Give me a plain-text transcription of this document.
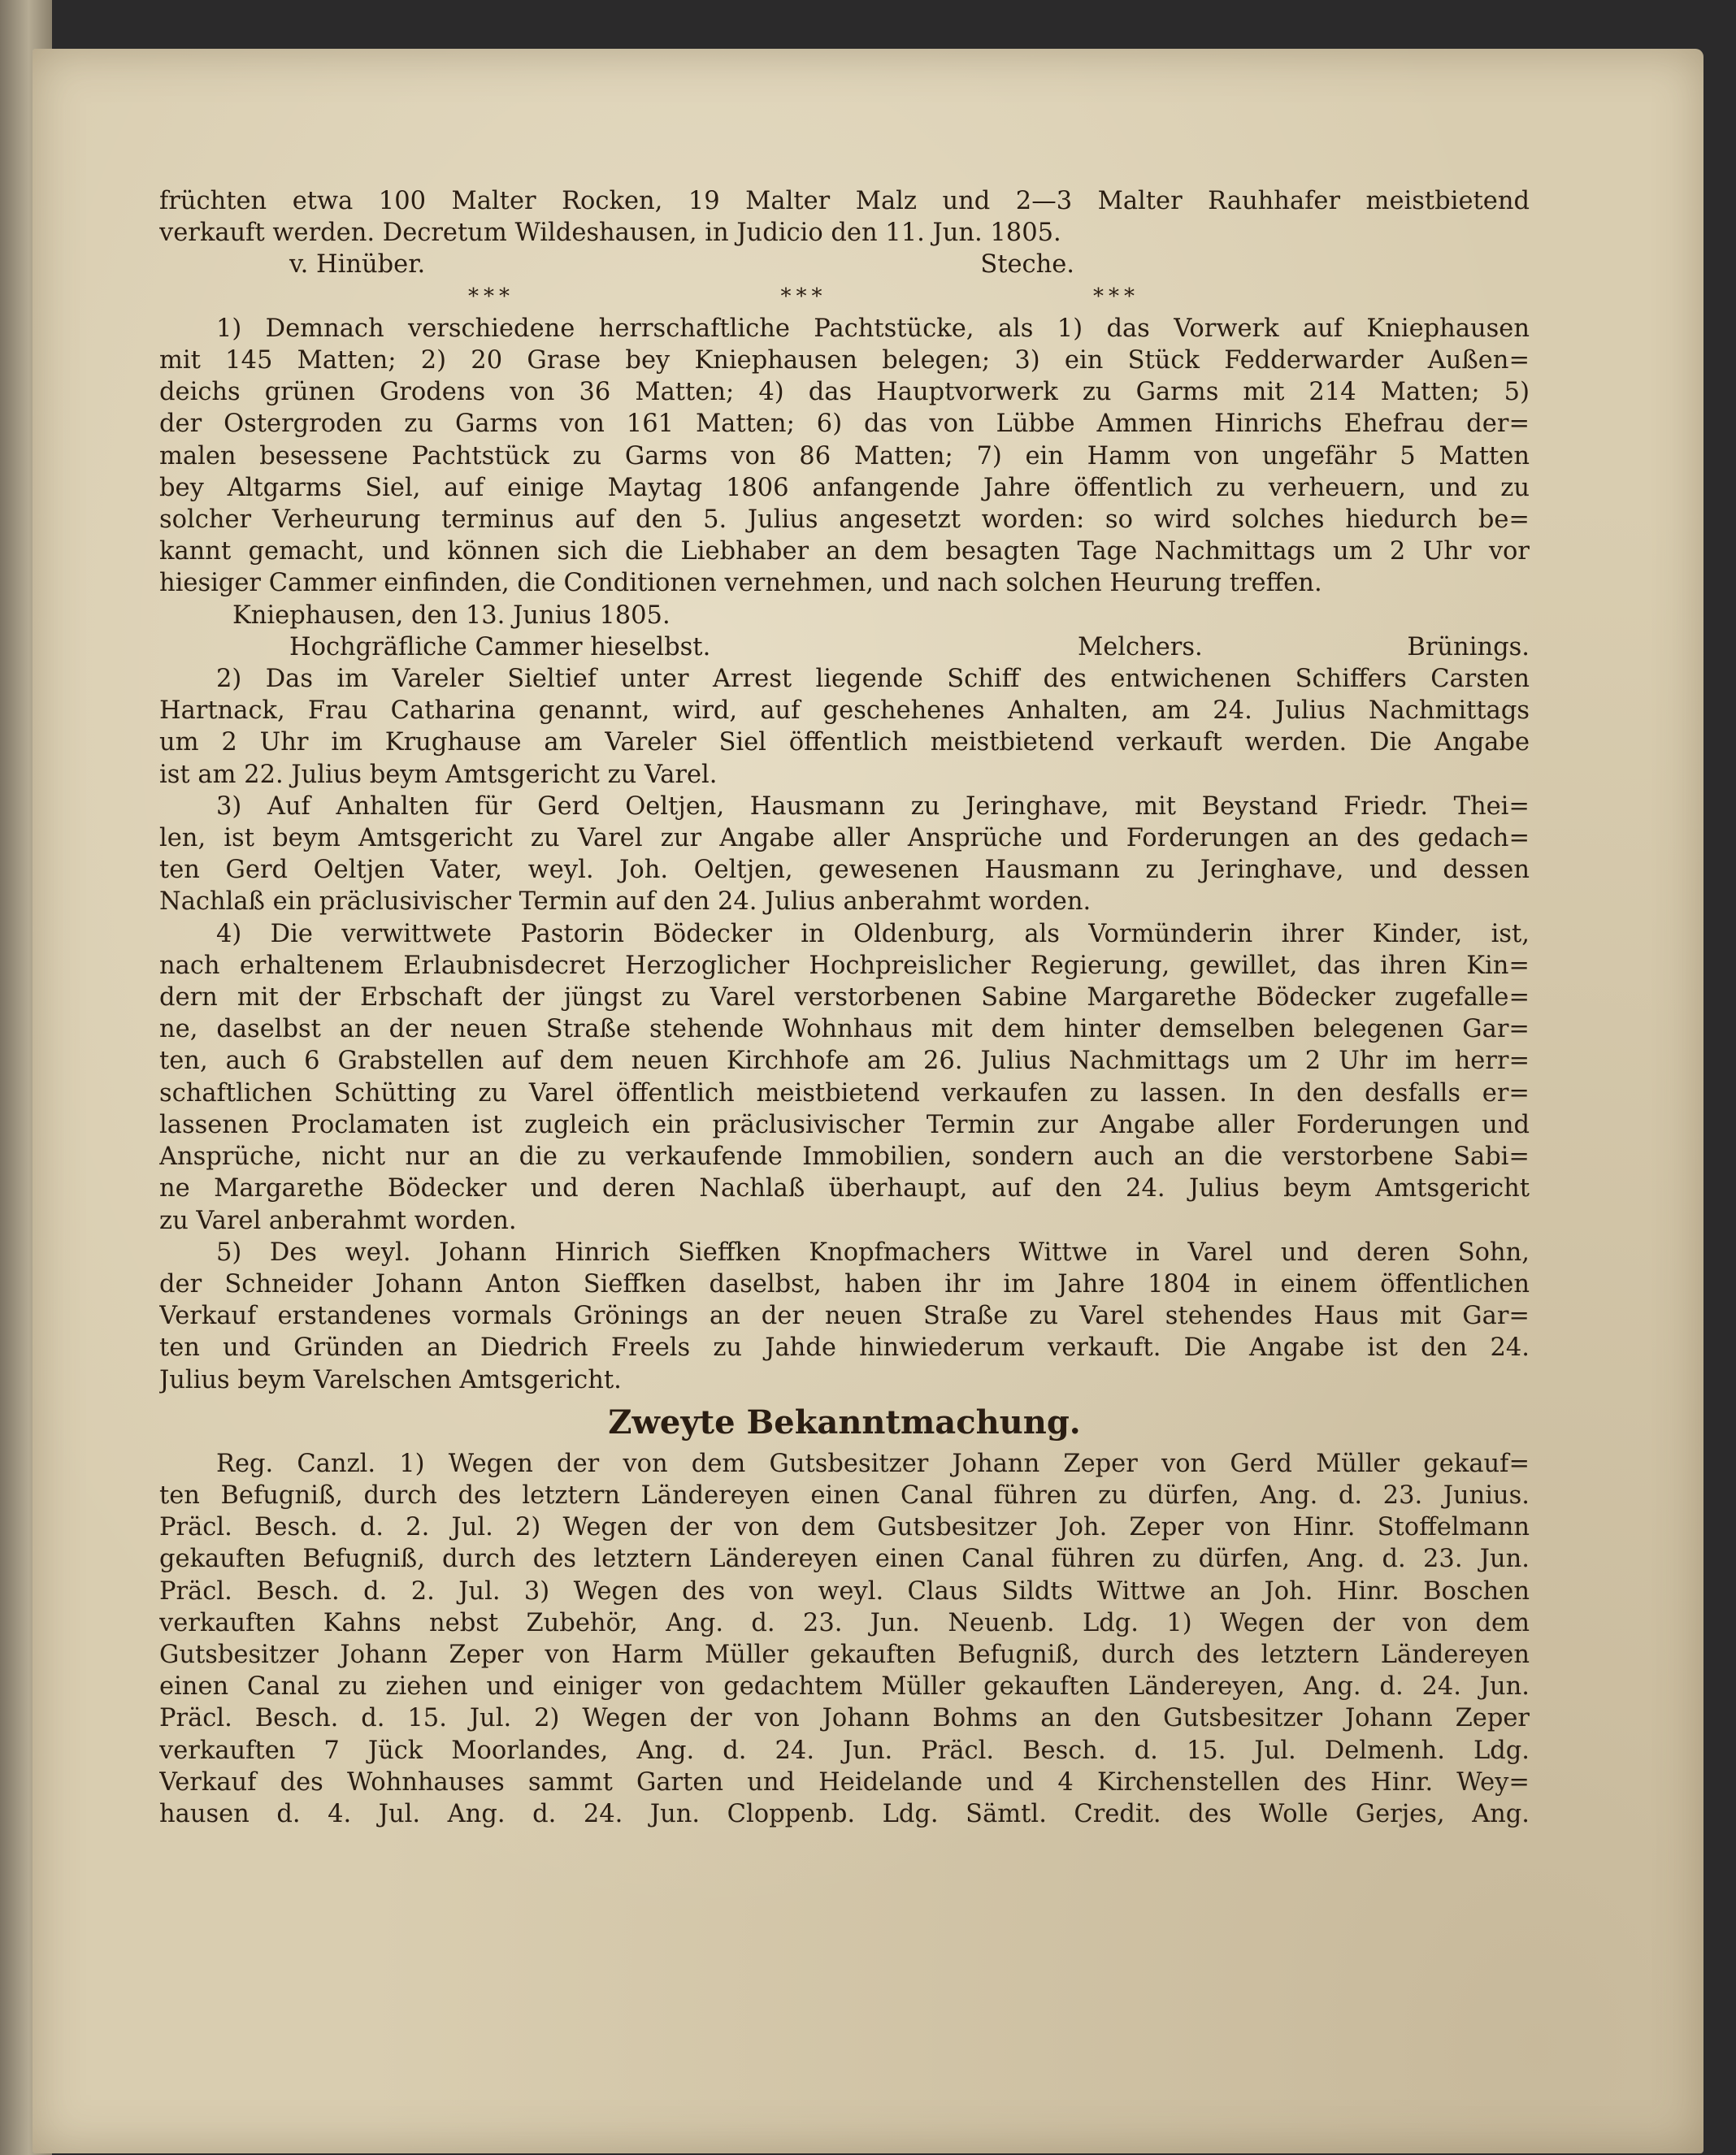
früchten etwa 100 Malter Rocken, 19 Malter Malz und 2—3 Malter Rauhhafer meistbietend
verkauft werden. Decretum Wildeshausen, in Judicio den 11. Jun. 1805.
v. Hinüber.	Steche.
***	***	***
1) Demnach verschiedene herrschaftliche Pachtstücke, als 1) das Vorwerk auf Kniephausen
mit 145 Matten; 2) 20 Grase bey Kniephausen belegen; 3) ein Stück Fedderwarder Außen=
deichs grünen Grodens von 36 Matten; 4) das Hauptvorwerk zu Garms mit 214 Matten; 5)
der Ostergroden zu Garms von 161 Matten; 6) das von Lübbe Ammen Hinrichs Ehefrau der=
malen besessene Pachtstück zu Garms von 86 Matten; 7) ein Hamm von ungefähr 5 Matten
bey Altgarms Siel, auf einige Maytag 1806 anfangende Jahre öffentlich zu verheuern, und zu
solcher Verheurung terminus auf den 5. Julius angesetzt worden: so wird solches hiedurch be=
kannt gemacht, und können sich die Liebhaber an dem besagten Tage Nachmittags um 2 Uhr vor
hiesiger Cammer einfinden, die Conditionen vernehmen, und nach solchen Heurung treffen.
Kniephausen, den 13. Junius 1805.
Hochgräfliche Cammer hieselbst.	Melchers.	Brünings.
2) Das im Vareler Sieltief unter Arrest liegende Schiff des entwichenen Schiffers Carsten
Hartnack, Frau Catharina genannt, wird, auf geschehenes Anhalten, am 24. Julius Nachmittags
um 2 Uhr im Krughause am Vareler Siel öffentlich meistbietend verkauft werden. Die Angabe
ist am 22. Julius beym Amtsgericht zu Varel.
3) Auf Anhalten für Gerd Oeltjen, Hausmann zu Jeringhave, mit Beystand Friedr. Thei=
len, ist beym Amtsgericht zu Varel zur Angabe aller Ansprüche und Forderungen an des gedach=
ten Gerd Oeltjen Vater, weyl. Joh. Oeltjen, gewesenen Hausmann zu Jeringhave, und dessen
Nachlaß ein präclusivischer Termin auf den 24. Julius anberahmt worden.
4) Die verwittwete Pastorin Bödecker in Oldenburg, als Vormünderin ihrer Kinder, ist,
nach erhaltenem Erlaubnisdecret Herzoglicher Hochpreislicher Regierung, gewillet, das ihren Kin=
dern mit der Erbschaft der jüngst zu Varel verstorbenen Sabine Margarethe Bödecker zugefalle=
ne, daselbst an der neuen Straße stehende Wohnhaus mit dem hinter demselben belegenen Gar=
ten, auch 6 Grabstellen auf dem neuen Kirchhofe am 26. Julius Nachmittags um 2 Uhr im herr=
schaftlichen Schütting zu Varel öffentlich meistbietend verkaufen zu lassen. In den desfalls er=
lassenen Proclamaten ist zugleich ein präclusivischer Termin zur Angabe aller Forderungen und
Ansprüche, nicht nur an die zu verkaufende Immobilien, sondern auch an die verstorbene Sabi=
ne Margarethe Bödecker und deren Nachlaß überhaupt, auf den 24. Julius beym Amtsgericht
zu Varel anberahmt worden.
5) Des weyl. Johann Hinrich Sieffken Knopfmachers Wittwe in Varel und deren Sohn,
der Schneider Johann Anton Sieffken daselbst, haben ihr im Jahre 1804 in einem öffentlichen
Verkauf erstandenes vormals Grönings an der neuen Straße zu Varel stehendes Haus mit Gar=
ten und Gründen an Diedrich Freels zu Jahde hinwiederum verkauft. Die Angabe ist den 24.
Julius beym Varelschen Amtsgericht.
Zweyte Bekanntmachung.
Reg. Canzl. 1) Wegen der von dem Gutsbesitzer Johann Zeper von Gerd Müller gekauf=
ten Befugniß, durch des letztern Ländereyen einen Canal führen zu dürfen, Ang. d. 23. Junius.
Präcl. Besch. d. 2. Jul. 2) Wegen der von dem Gutsbesitzer Joh. Zeper von Hinr. Stoffelmann
gekauften Befugniß, durch des letztern Ländereyen einen Canal führen zu dürfen, Ang. d. 23. Jun.
Präcl. Besch. d. 2. Jul. 3) Wegen des von weyl. Claus Sildts Wittwe an Joh. Hinr. Boschen
verkauften Kahns nebst Zubehör, Ang. d. 23. Jun. Neuenb. Ldg. 1) Wegen der von dem
Gutsbesitzer Johann Zeper von Harm Müller gekauften Befugniß, durch des letztern Ländereyen
einen Canal zu ziehen und einiger von gedachtem Müller gekauften Ländereyen, Ang. d. 24. Jun.
Präcl. Besch. d. 15. Jul. 2) Wegen der von Johann Bohms an den Gutsbesitzer Johann Zeper
verkauften 7 Jück Moorlandes, Ang. d. 24. Jun. Präcl. Besch. d. 15. Jul. Delmenh. Ldg.
Verkauf des Wohnhauses sammt Garten und Heidelande und 4 Kirchenstellen des Hinr. Wey=
hausen d. 4. Jul. Ang. d. 24. Jun. Cloppenb. Ldg. Sämtl. Credit. des Wolle Gerjes, Ang.
